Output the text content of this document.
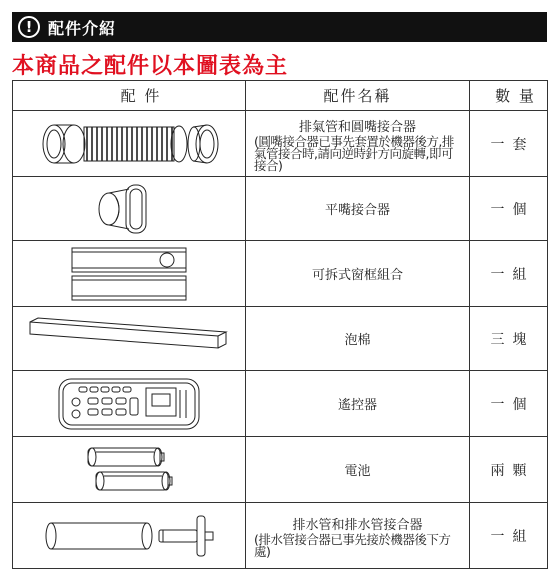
! 配件介紹
本商品之配件以本圖表為主
配 件	配件名稱	數 量

排氣管和圓嘴接合器
(圓嘴接合器已事先套置於機器後方,排氣管接合時,請向逆時針方向旋轉,即可接合)	一套

平嘴接合器	一個

可拆式窗框組合	一組

泡棉	三塊

遙控器	一個

電池	兩顆

排水管和排水管接合器
(排水管接合器已事先接於機器後下方處)	一組
